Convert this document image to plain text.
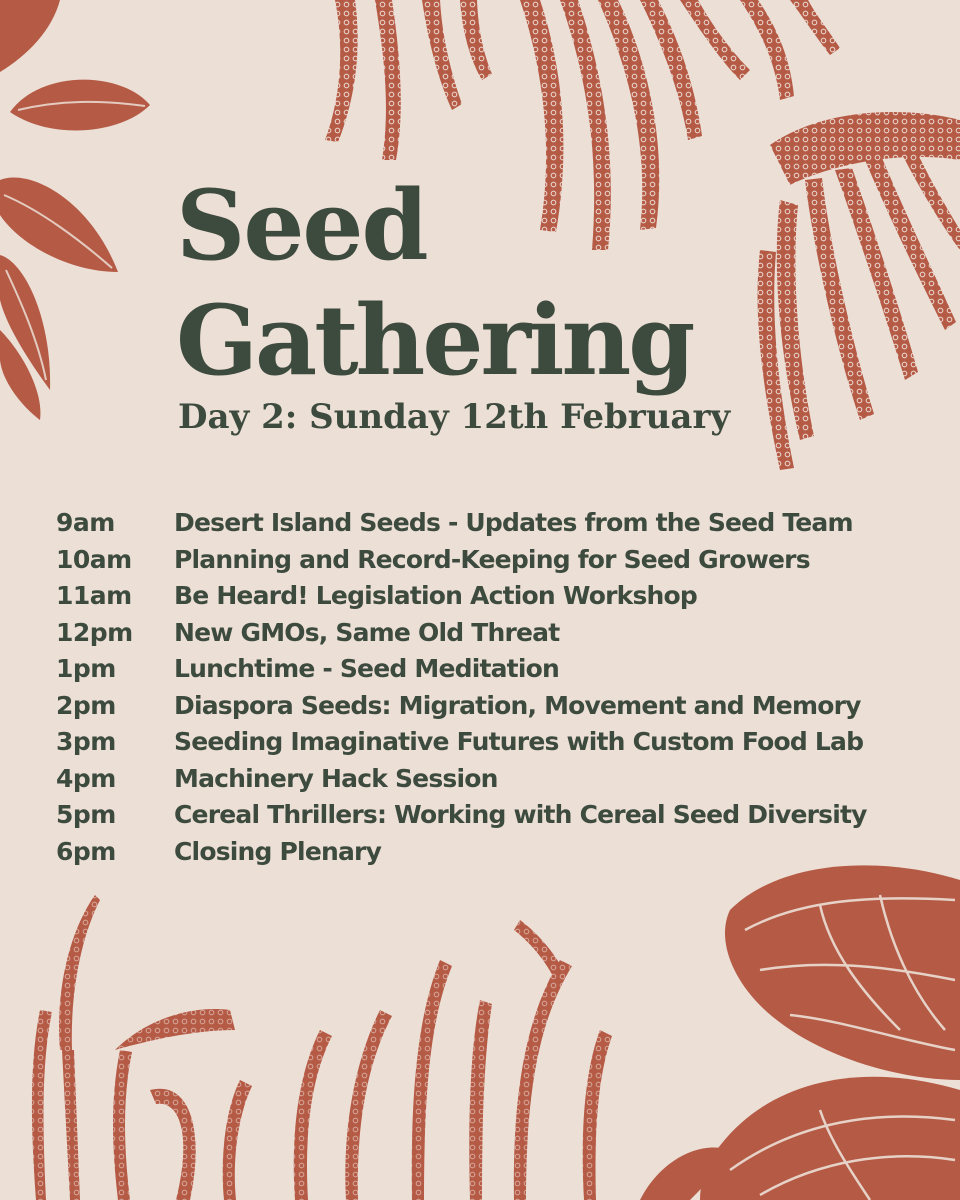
Seed
Gathering
Day 2: Sunday 12th February
9am Desert Island Seeds - Updates from the Seed Team
10am Planning and Record-Keeping for Seed Growers
11am Be Heard! Legislation Action Workshop
12pm New GMOs, Same Old Threat
1pm Lunchtime - Seed Meditation
2pm Diaspora Seeds: Migration, Movement and Memory
3pm Seeding Imaginative Futures with Custom Food Lab
4pm Machinery Hack Session
5pm Cereal Thrillers: Working with Cereal Seed Diversity
6pm Closing Plenary
